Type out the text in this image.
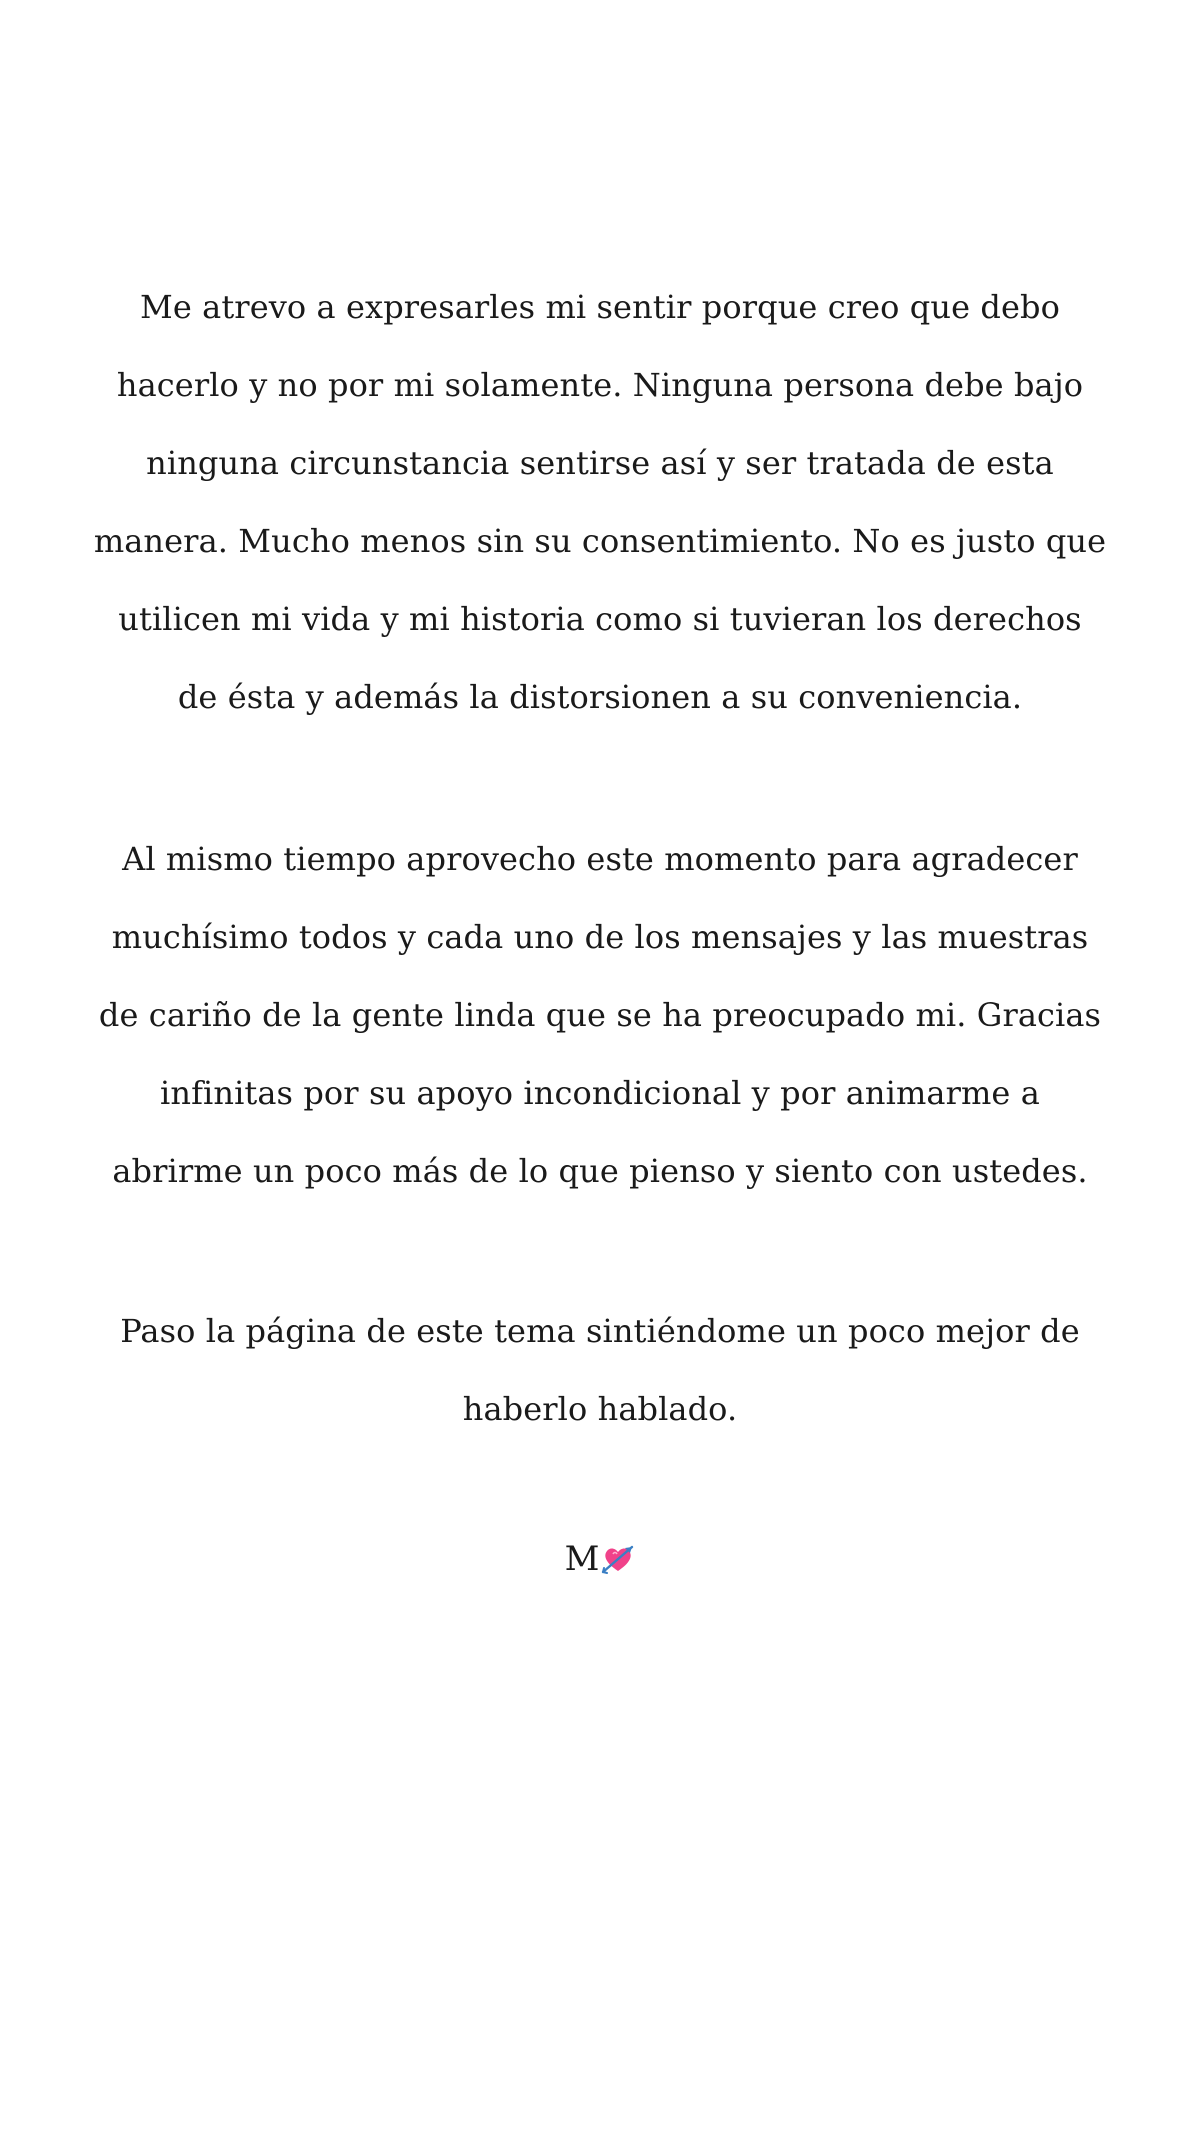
Me atrevo a expresarles mi sentir porque creo que debo
hacerlo y no por mi solamente. Ninguna persona debe bajo
ninguna circunstancia sentirse así y ser tratada de esta
manera. Mucho menos sin su consentimiento. No es justo que
utilicen mi vida y mi historia como si tuvieran los derechos
de ésta y además la distorsionen a su conveniencia.
Al mismo tiempo aprovecho este momento para agradecer
muchísimo todos y cada uno de los mensajes y las muestras
de cariño de la gente linda que se ha preocupado mi. Gracias
infinitas por su apoyo incondicional y por animarme a
abrirme un poco más de lo que pienso y siento con ustedes.
Paso la página de este tema sintiéndome un poco mejor de
haberlo hablado.
M
